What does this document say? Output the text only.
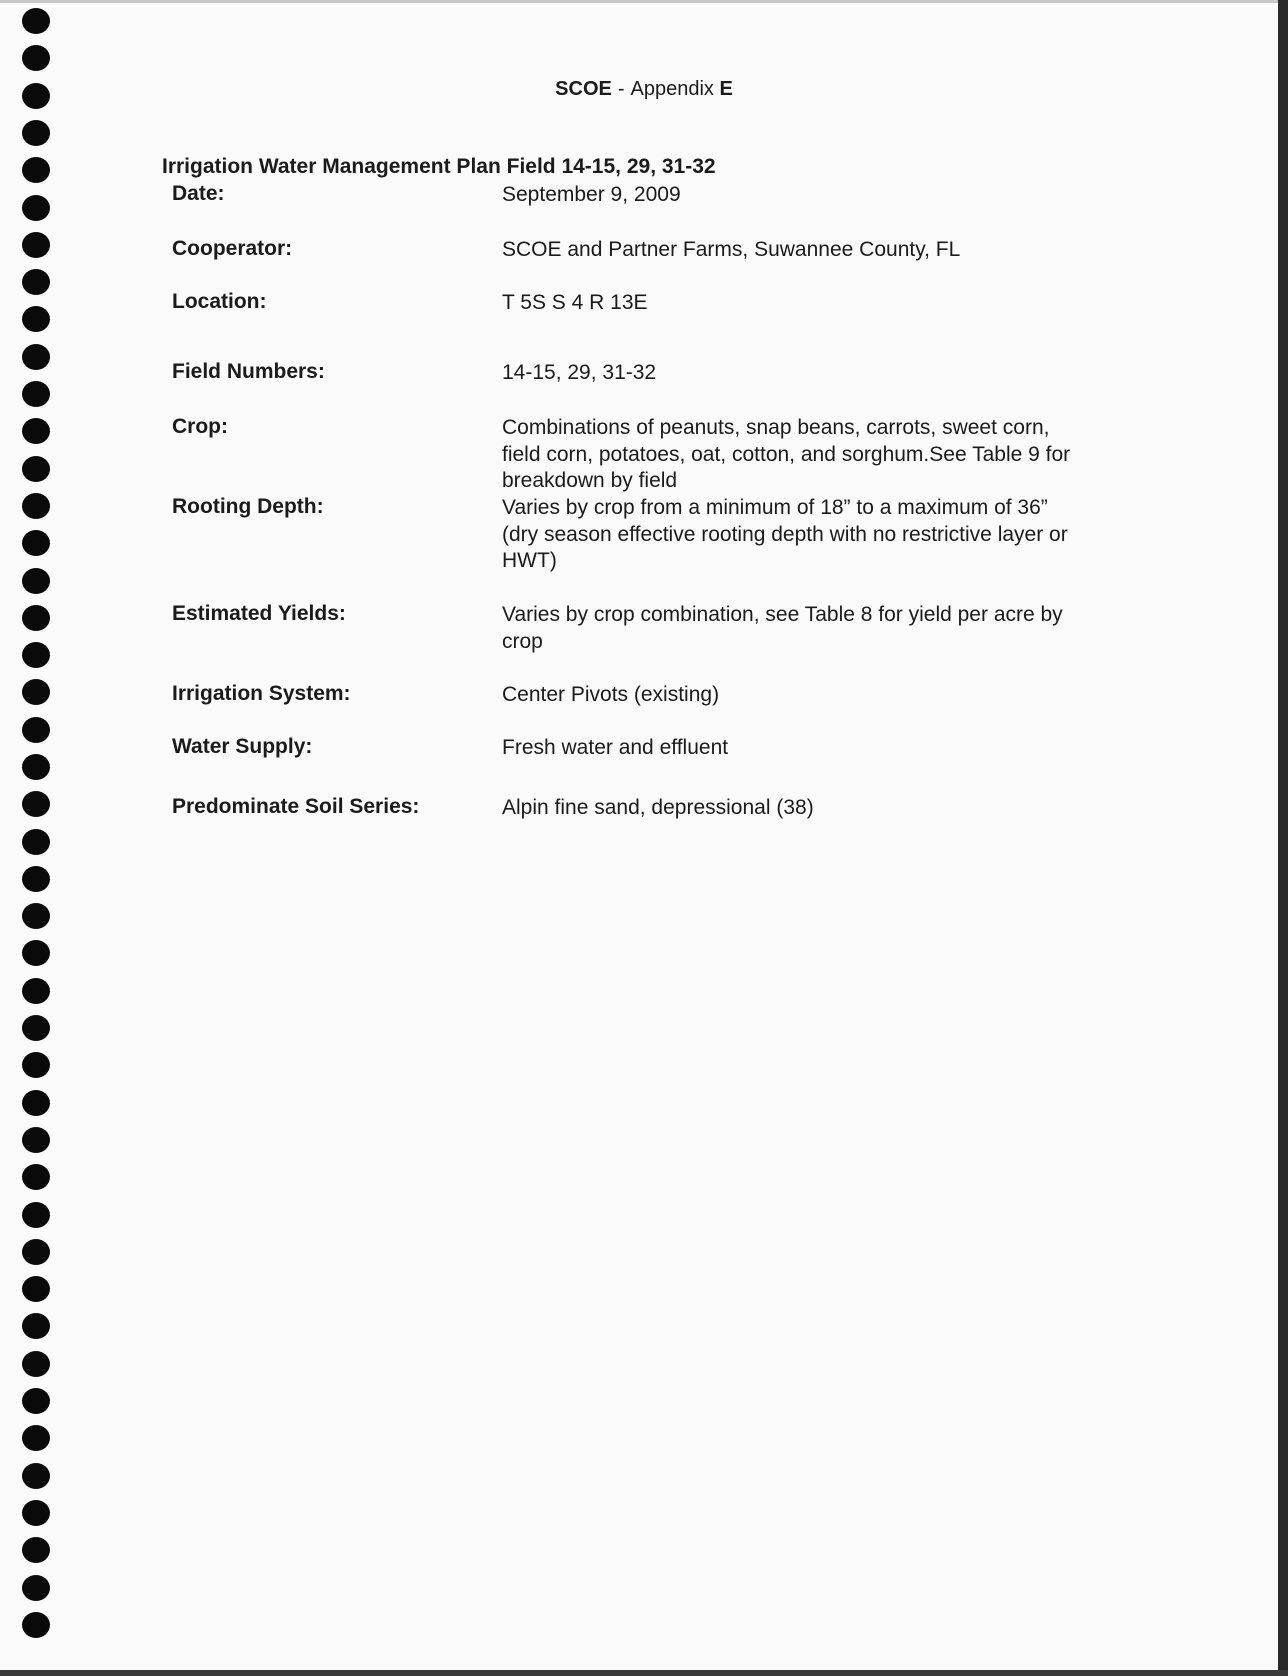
SCOE - Appendix E
Irrigation Water Management Plan Field 14-15, 29, 31-32
Date:	September 9, 2009
Cooperator:	SCOE and Partner Farms, Suwannee County, FL
Location:	T 5S S 4 R 13E
Field Numbers:	14-15, 29, 31-32
Crop:	Combinations of peanuts, snap beans, carrots, sweet corn, field corn, potatoes, oat, cotton, and sorghum.See Table 9 for breakdown by field
Rooting Depth:	Varies by crop from a minimum of 18” to a maximum of 36”
(dry season effective rooting depth with no restrictive layer or HWT)
Estimated Yields:	Varies by crop combination, see Table 8 for yield per acre by crop
Irrigation System:	Center Pivots (existing)
Water Supply:	Fresh water and effluent
Predominate Soil Series:	Alpin fine sand, depressional (38)
